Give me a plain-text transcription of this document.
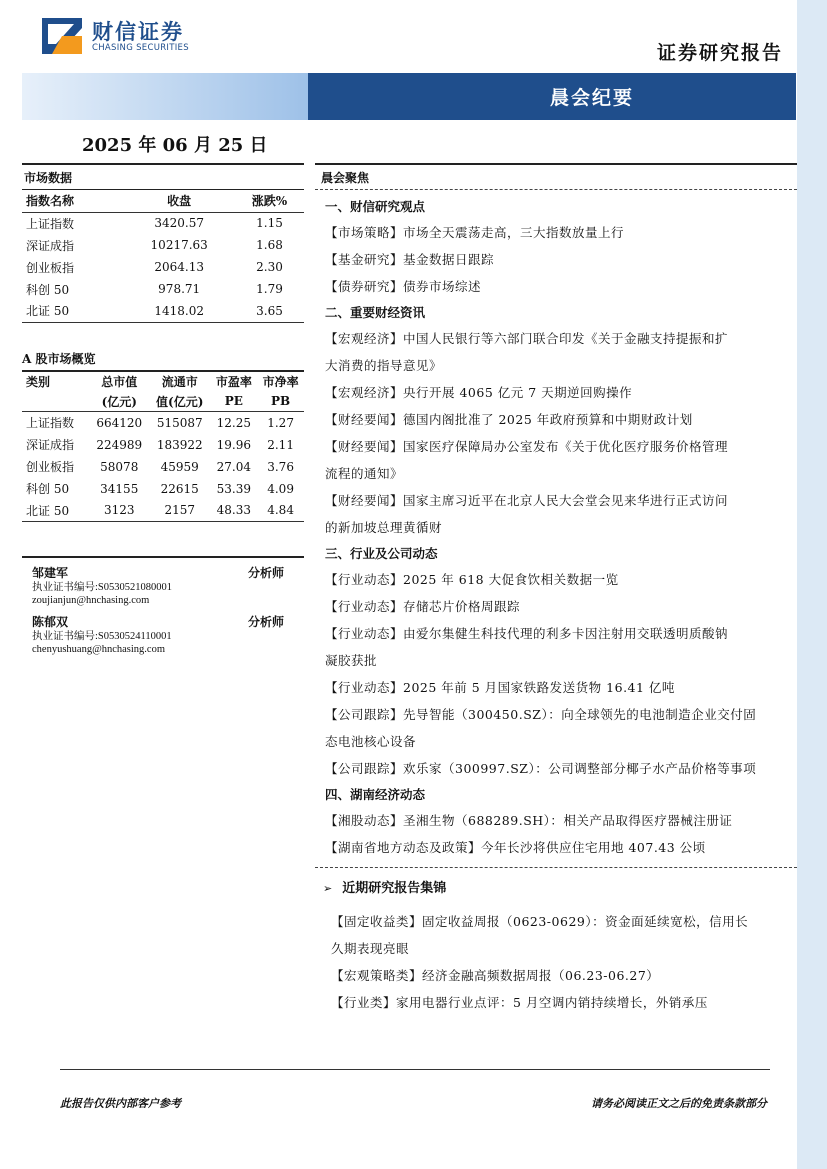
财信证券
CHASING SECURITIES	证券研究报告
晨会纪要
2025 年 06 月 25 日
市场数据
指数名称	收盘	涨跌%
上证指数	3420.57	1.15
深证成指	10217.63	1.68
创业板指	2064.13	2.30
科创 50	978.71	1.79
北证 50	1418.02	3.65
A 股市场概览
类别	总市值	流通市	市盈率	市净率
	(亿元)	值(亿元)	PE	PB
上证指数	664120	515087	12.25	1.27
深证成指	224989	183922	19.96	2.11
创业板指	58078	45959	27.04	3.76
科创 50	34155	22615	53.39	4.09
北证 50	3123	2157	48.33	4.84
邹建军	分析师
执业证书编号:S0530521080001
zoujianjun@hnchasing.com
陈郁双	分析师
执业证书编号:S0530524110001
chenyushuang@hnchasing.com
晨会聚焦
一、财信研究观点
【市场策略】市场全天震荡走高，三大指数放量上行
【基金研究】基金数据日跟踪
【债券研究】债券市场综述
二、重要财经资讯
【宏观经济】中国人民银行等六部门联合印发《关于金融支持提振和扩
大消费的指导意见》
【宏观经济】央行开展 4065 亿元 7 天期逆回购操作
【财经要闻】德国内阁批准了 2025 年政府预算和中期财政计划
【财经要闻】国家医疗保障局办公室发布《关于优化医疗服务价格管理
流程的通知》
【财经要闻】国家主席习近平在北京人民大会堂会见来华进行正式访问
的新加坡总理黄循财
三、行业及公司动态
【行业动态】2025 年 618 大促食饮相关数据一览
【行业动态】存储芯片价格周跟踪
【行业动态】由爱尔集健生科技代理的利多卡因注射用交联透明质酸钠
凝胶获批
【行业动态】2025 年前 5 月国家铁路发送货物 16.41 亿吨
【公司跟踪】先导智能（300450.SZ）：向全球领先的电池制造企业交付固
态电池核心设备
【公司跟踪】欢乐家（300997.SZ）：公司调整部分椰子水产品价格等事项
四、湖南经济动态
【湘股动态】圣湘生物（688289.SH）：相关产品取得医疗器械注册证
【湖南省地方动态及政策】今年长沙将供应住宅用地 407.43 公顷
➢ 近期研究报告集锦
【固定收益类】固定收益周报（0623-0629）：资金面延续宽松，信用长
久期表现亮眼
【宏观策略类】经济金融高频数据周报（06.23-06.27）
【行业类】家用电器行业点评：5 月空调内销持续增长，外销承压
此报告仅供内部客户参考	请务必阅读正文之后的免责条款部分
